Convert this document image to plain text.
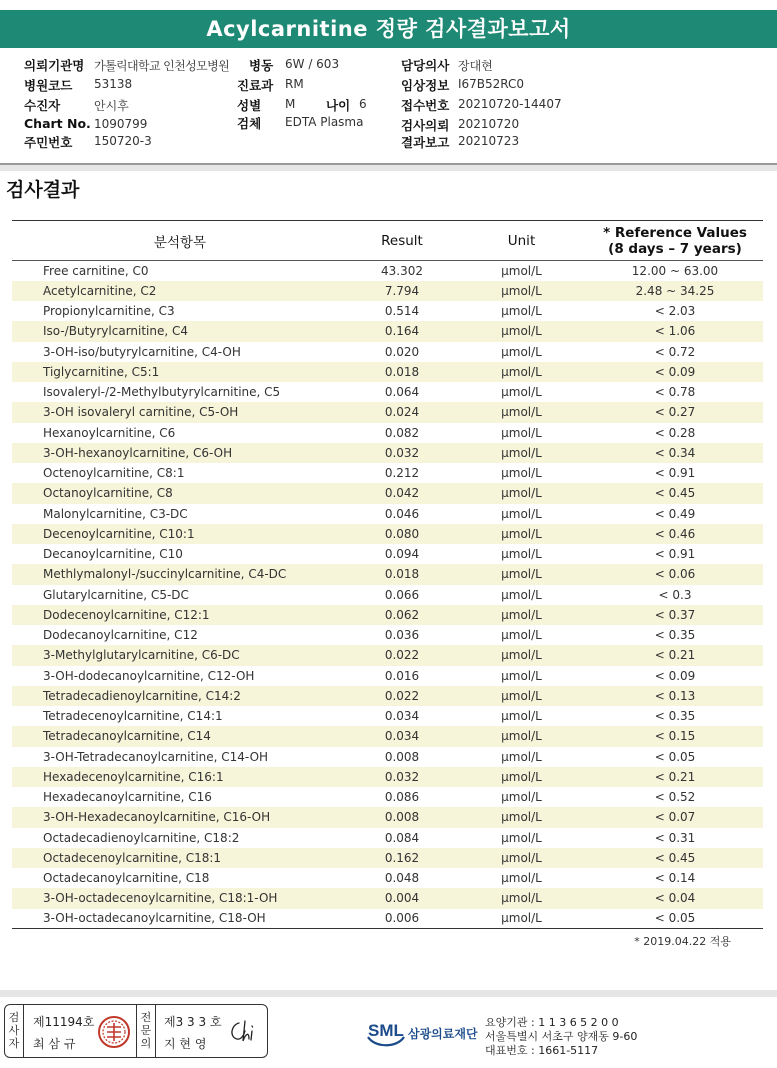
Acylcarnitine 정량 검사결과보고서
의뢰기관명 가톨릭대학교 인천성모병원
병원코드 53138
수진자	안시후
Chart No. 1090799
주민번호 150720-3
병동 6W / 603
진료과 RM
성별 M 나이 6
검체 EDTA Plasma
담당의사 장대현
임상정보 I67B52RC0
접수번호 20210720-14407
검사의뢰 20210720
결과보고 20210723
검사결과
분석항목	Result	Unit	* Reference Values
(8 days – 7 years)

Free carnitine, C0	43.302	μmol/L	12.00 ~ 63.00
Acetylcarnitine, C2	7.794	μmol/L	2.48 ~ 34.25
Propionylcarnitine, C3	0.514	μmol/L	< 2.03
Iso-/Butyrylcarnitine, C4	0.164	μmol/L	< 1.06
3-OH-iso/butyrylcarnitine, C4-OH	0.020	μmol/L	< 0.72
Tiglycarnitine, C5:1	0.018	μmol/L	< 0.09
Isovaleryl-/2-Methylbutyrylcarnitine, C5	0.064	μmol/L	< 0.78
3-OH isovaleryl carnitine, C5-OH	0.024	μmol/L	< 0.27
Hexanoylcarnitine, C6	0.082	μmol/L	< 0.28
3-OH-hexanoylcarnitine, C6-OH	0.032	μmol/L	< 0.34
Octenoylcarnitine, C8:1	0.212	μmol/L	< 0.91
Octanoylcarnitine, C8	0.042	μmol/L	< 0.45
Malonylcarnitine, C3-DC	0.046	μmol/L	< 0.49
Decenoylcarnitine, C10:1	0.080	μmol/L	< 0.46
Decanoylcarnitine, C10	0.094	μmol/L	< 0.91
Methlymalonyl-/succinylcarnitine, C4-DC	0.018	μmol/L	< 0.06
Glutarylcarnitine, C5-DC	0.066	μmol/L	< 0.3
Dodecenoylcarnitine, C12:1	0.062	μmol/L	< 0.37
Dodecanoylcarnitine, C12	0.036	μmol/L	< 0.35
3-Methylglutarylcarnitine, C6-DC	0.022	μmol/L	< 0.21
3-OH-dodecanoylcarnitine, C12-OH	0.016	μmol/L	< 0.09
Tetradecadienoylcarnitine, C14:2	0.022	μmol/L	< 0.13
Tetradecenoylcarnitine, C14:1	0.034	μmol/L	< 0.35
Tetradecanoylcarnitine, C14	0.034	μmol/L	< 0.15
3-OH-Tetradecanoylcarnitine, C14-OH	0.008	μmol/L	< 0.05
Hexadecenoylcarnitine, C16:1	0.032	μmol/L	< 0.21
Hexadecanoylcarnitine, C16	0.086	μmol/L	< 0.52
3-OH-Hexadecanoylcarnitine, C16-OH	0.008	μmol/L	< 0.07
Octadecadienoylcarnitine, C18:2	0.084	μmol/L	< 0.31
Octadecenoylcarnitine, C18:1	0.162	μmol/L	< 0.45
Octadecanoylcarnitine, C18	0.048	μmol/L	< 0.14
3-OH-octadecenoylcarnitine, C18:1-OH	0.004	μmol/L	< 0.04
3-OH-octadecanoylcarnitine, C18-OH	0.006	μmol/L	< 0.05
* 2019.04.22 적용
검
사
자
제11194호
최 삼 규
전
문
의
제3 3 3 호
지 현 영
SML 삼광의료재단
요양기관 : 1 1 3 6 5 2 0 0
서울특별시 서초구 양재동 9-60
대표번호 : 1661-5117
